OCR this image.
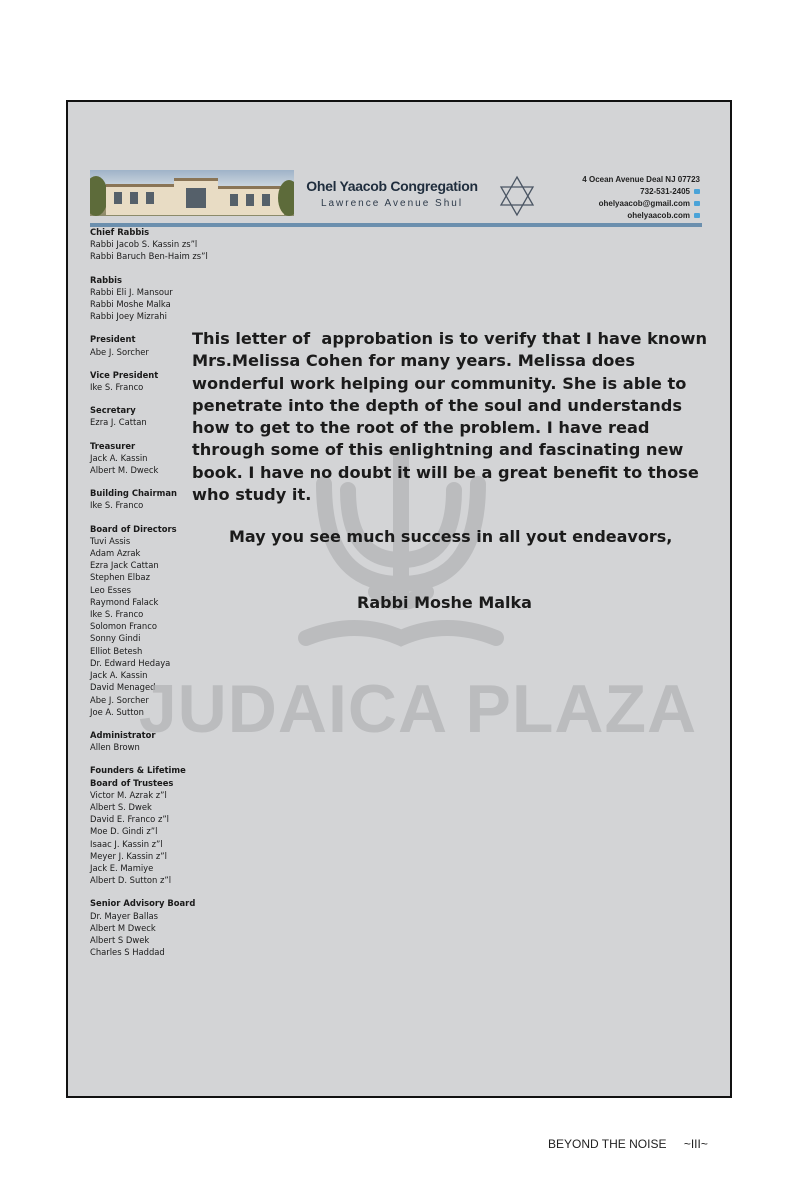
Ohel Yaacob Congregation
Lawrence Avenue Shul
4 Ocean Avenue Deal NJ 07723
732-531-2405
ohelyaacob@gmail.com
ohelyaacob.com
Chief Rabbis
Rabbi Jacob S. Kassin zs”l
Rabbi Baruch Ben-Haim zs”l
Rabbis
Rabbi Eli J. Mansour
Rabbi Moshe Malka
Rabbi Joey Mizrahi
President
Abe J. Sorcher
Vice President
Ike S. Franco
Secretary
Ezra J. Cattan
Treasurer
Jack A. Kassin
Albert M. Dweck
Building Chairman
Ike S. Franco
Board of Directors
Tuvi Assis
Adam Azrak
Ezra Jack Cattan
Stephen Elbaz
Leo Esses
Raymond Falack
Ike S. Franco
Solomon Franco
Sonny Gindi
Elliot Betesh
Dr. Edward Hedaya
Jack A. Kassin
David Menaged
Abe J. Sorcher
Joe A. Sutton
Administrator
Allen Brown
Founders & Lifetime
Board of Trustees
Victor M. Azrak z”l
Albert S. Dwek
David E. Franco z”l
Moe D. Gindi z”l
Isaac J. Kassin z”l
Meyer J. Kassin z”l
Jack E. Mamiye
Albert D. Sutton z”l
Senior Advisory Board
Dr. Mayer Ballas
Albert M Dweck
Albert S Dwek
Charles S Haddad
JUDAICA PLAZA
This letter of  approbation is to verify that I have known
Mrs.Melissa Cohen for many years. Melissa does
wonderful work helping our community. She is able to
penetrate into the depth of the soul and understands
how to get to the root of the problem. I have read
through some of this enlightning and fascinating new
book. I have no doubt it will be a great benefit to those
who study it.
May you see much success in all yout endeavors,
Rabbi Moshe Malka
BEYOND THE NOISE ~III~
